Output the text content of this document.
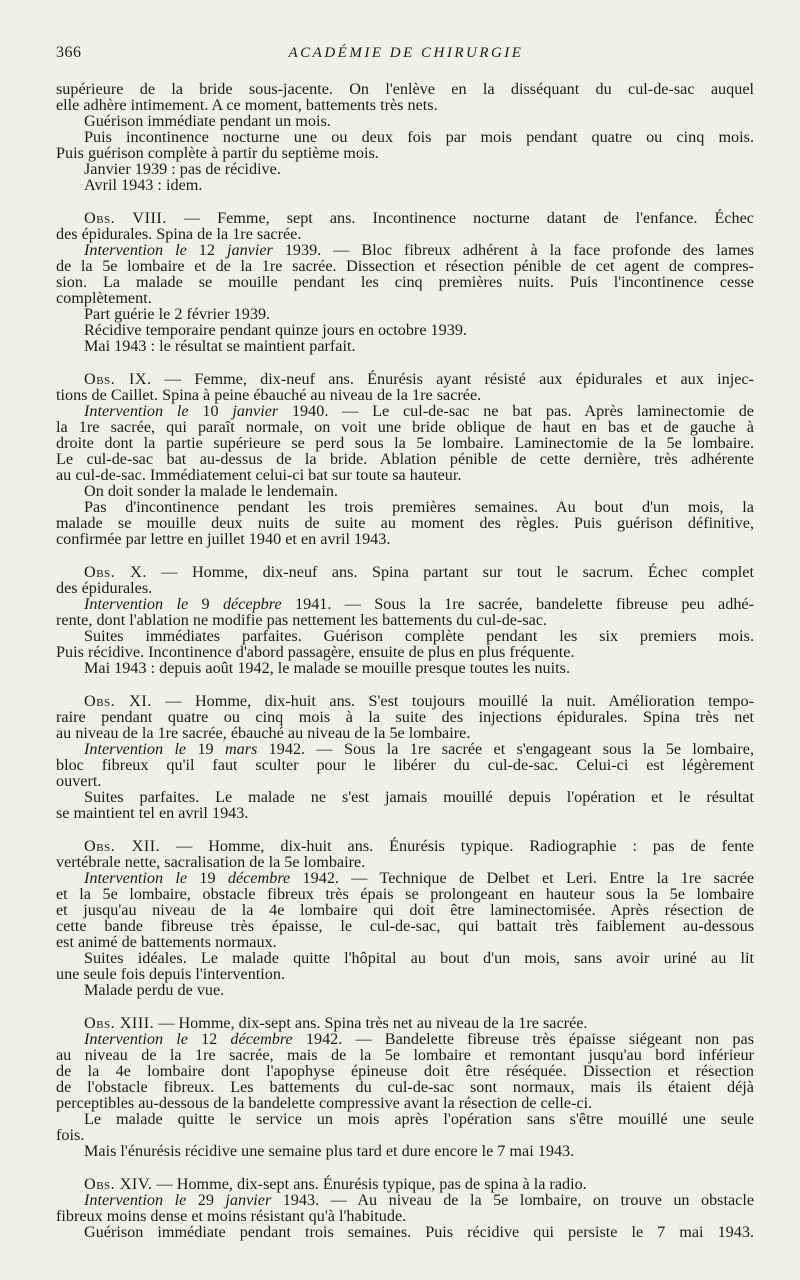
366	ACADÉMIE DE CHIRURGIE

supérieure de la bride sous-jacente. On l'enlève en la disséquant du cul-de-sac auquel

elle adhère intimement. A ce moment, battements très nets.

Guérison immédiate pendant un mois.

Puis incontinence nocturne une ou deux fois par mois pendant quatre ou cinq mois.

Puis guérison complète à partir du septième mois.

Janvier 1939 : pas de récidive.

Avril 1943 : idem.

Obs. VIII. — Femme, sept ans. Incontinence nocturne datant de l'enfance. Échec

des épidurales. Spina de la 1re sacrée.

Intervention le 12 janvier 1939. — Bloc fibreux adhérent à la face profonde des lames

de la 5e lombaire et de la 1re sacrée. Dissection et résection pénible de cet agent de compres-

sion. La malade se mouille pendant les cinq premières nuits. Puis l'incontinence cesse

complètement.

Part guérie le 2 février 1939.

Récidive temporaire pendant quinze jours en octobre 1939.

Mai 1943 : le résultat se maintient parfait.

Obs. IX. — Femme, dix-neuf ans. Énurésis ayant résisté aux épidurales et aux injec-

tions de Caillet. Spina à peine ébauché au niveau de la 1re sacrée.

Intervention le 10 janvier 1940. — Le cul-de-sac ne bat pas. Après laminectomie de

la 1re sacrée, qui paraît normale, on voit une bride oblique de haut en bas et de gauche à

droite dont la partie supérieure se perd sous la 5e lombaire. Laminectomie de la 5e lombaire.

Le cul-de-sac bat au-dessus de la bride. Ablation pénible de cette dernière, très adhérente

au cul-de-sac. Immédiatement celui-ci bat sur toute sa hauteur.

On doit sonder la malade le lendemain.

Pas d'incontinence pendant les trois premières semaines. Au bout d'un mois, la

malade se mouille deux nuits de suite au moment des règles. Puis guérison définitive,

confirmée par lettre en juillet 1940 et en avril 1943.

Obs. X. — Homme, dix-neuf ans. Spina partant sur tout le sacrum. Échec complet

des épidurales.

Intervention le 9 décepbre 1941. — Sous la 1re sacrée, bandelette fibreuse peu adhé-

rente, dont l'ablation ne modifie pas nettement les battements du cul-de-sac.

Suites immédiates parfaites. Guérison complète pendant les six premiers mois.

Puis récidive. Incontinence d'abord passagère, ensuite de plus en plus fréquente.

Mai 1943 : depuis août 1942, le malade se mouille presque toutes les nuits.

Obs. XI. — Homme, dix-huit ans. S'est toujours mouillé la nuit. Amélioration tempo-

raire pendant quatre ou cinq mois à la suite des injections épidurales. Spina très net

au niveau de la 1re sacrée, ébauché au niveau de la 5e lombaire.

Intervention le 19 mars 1942. — Sous la 1re sacrée et s'engageant sous la 5e lombaire,

bloc fibreux qu'il faut sculter pour le libérer du cul-de-sac. Celui-ci est légèrement

ouvert.

Suites parfaites. Le malade ne s'est jamais mouillé depuis l'opération et le résultat

se maintient tel en avril 1943.

Obs. XII. — Homme, dix-huit ans. Énurésis typique. Radiographie : pas de fente

vertébrale nette, sacralisation de la 5e lombaire.

Intervention le 19 décembre 1942. — Technique de Delbet et Leri. Entre la 1re sacrée

et la 5e lombaire, obstacle fibreux très épais se prolongeant en hauteur sous la 5e lombaire

et jusqu'au niveau de la 4e lombaire qui doit être laminectomisée. Après résection de

cette bande fibreuse très épaisse, le cul-de-sac, qui battait très faiblement au-dessous

est animé de battements normaux.

Suites idéales. Le malade quitte l'hôpital au bout d'un mois, sans avoir uriné au lit

une seule fois depuis l'intervention.

Malade perdu de vue.

Obs. XIII. — Homme, dix-sept ans. Spina très net au niveau de la 1re sacrée.

Intervention le 12 décembre 1942. — Bandelette fibreuse très épaisse siégeant non pas

au niveau de la 1re sacrée, mais de la 5e lombaire et remontant jusqu'au bord inférieur

de la 4e lombaire dont l'apophyse épineuse doit être réséquée. Dissection et résection

de l'obstacle fibreux. Les battements du cul-de-sac sont normaux, mais ils étaient déjà

perceptibles au-dessous de la bandelette compressive avant la résection de celle-ci.

Le malade quitte le service un mois après l'opération sans s'être mouillé une seule

fois.

Mais l'énurésis récidive une semaine plus tard et dure encore le 7 mai 1943.

Obs. XIV. — Homme, dix-sept ans. Énurésis typique, pas de spina à la radio.

Intervention le 29 janvier 1943. — Au niveau de la 5e lombaire, on trouve un obstacle

fibreux moins dense et moins résistant qu'à l'habitude.

Guérison immédiate pendant trois semaines. Puis récidive qui persiste le 7 mai 1943.
